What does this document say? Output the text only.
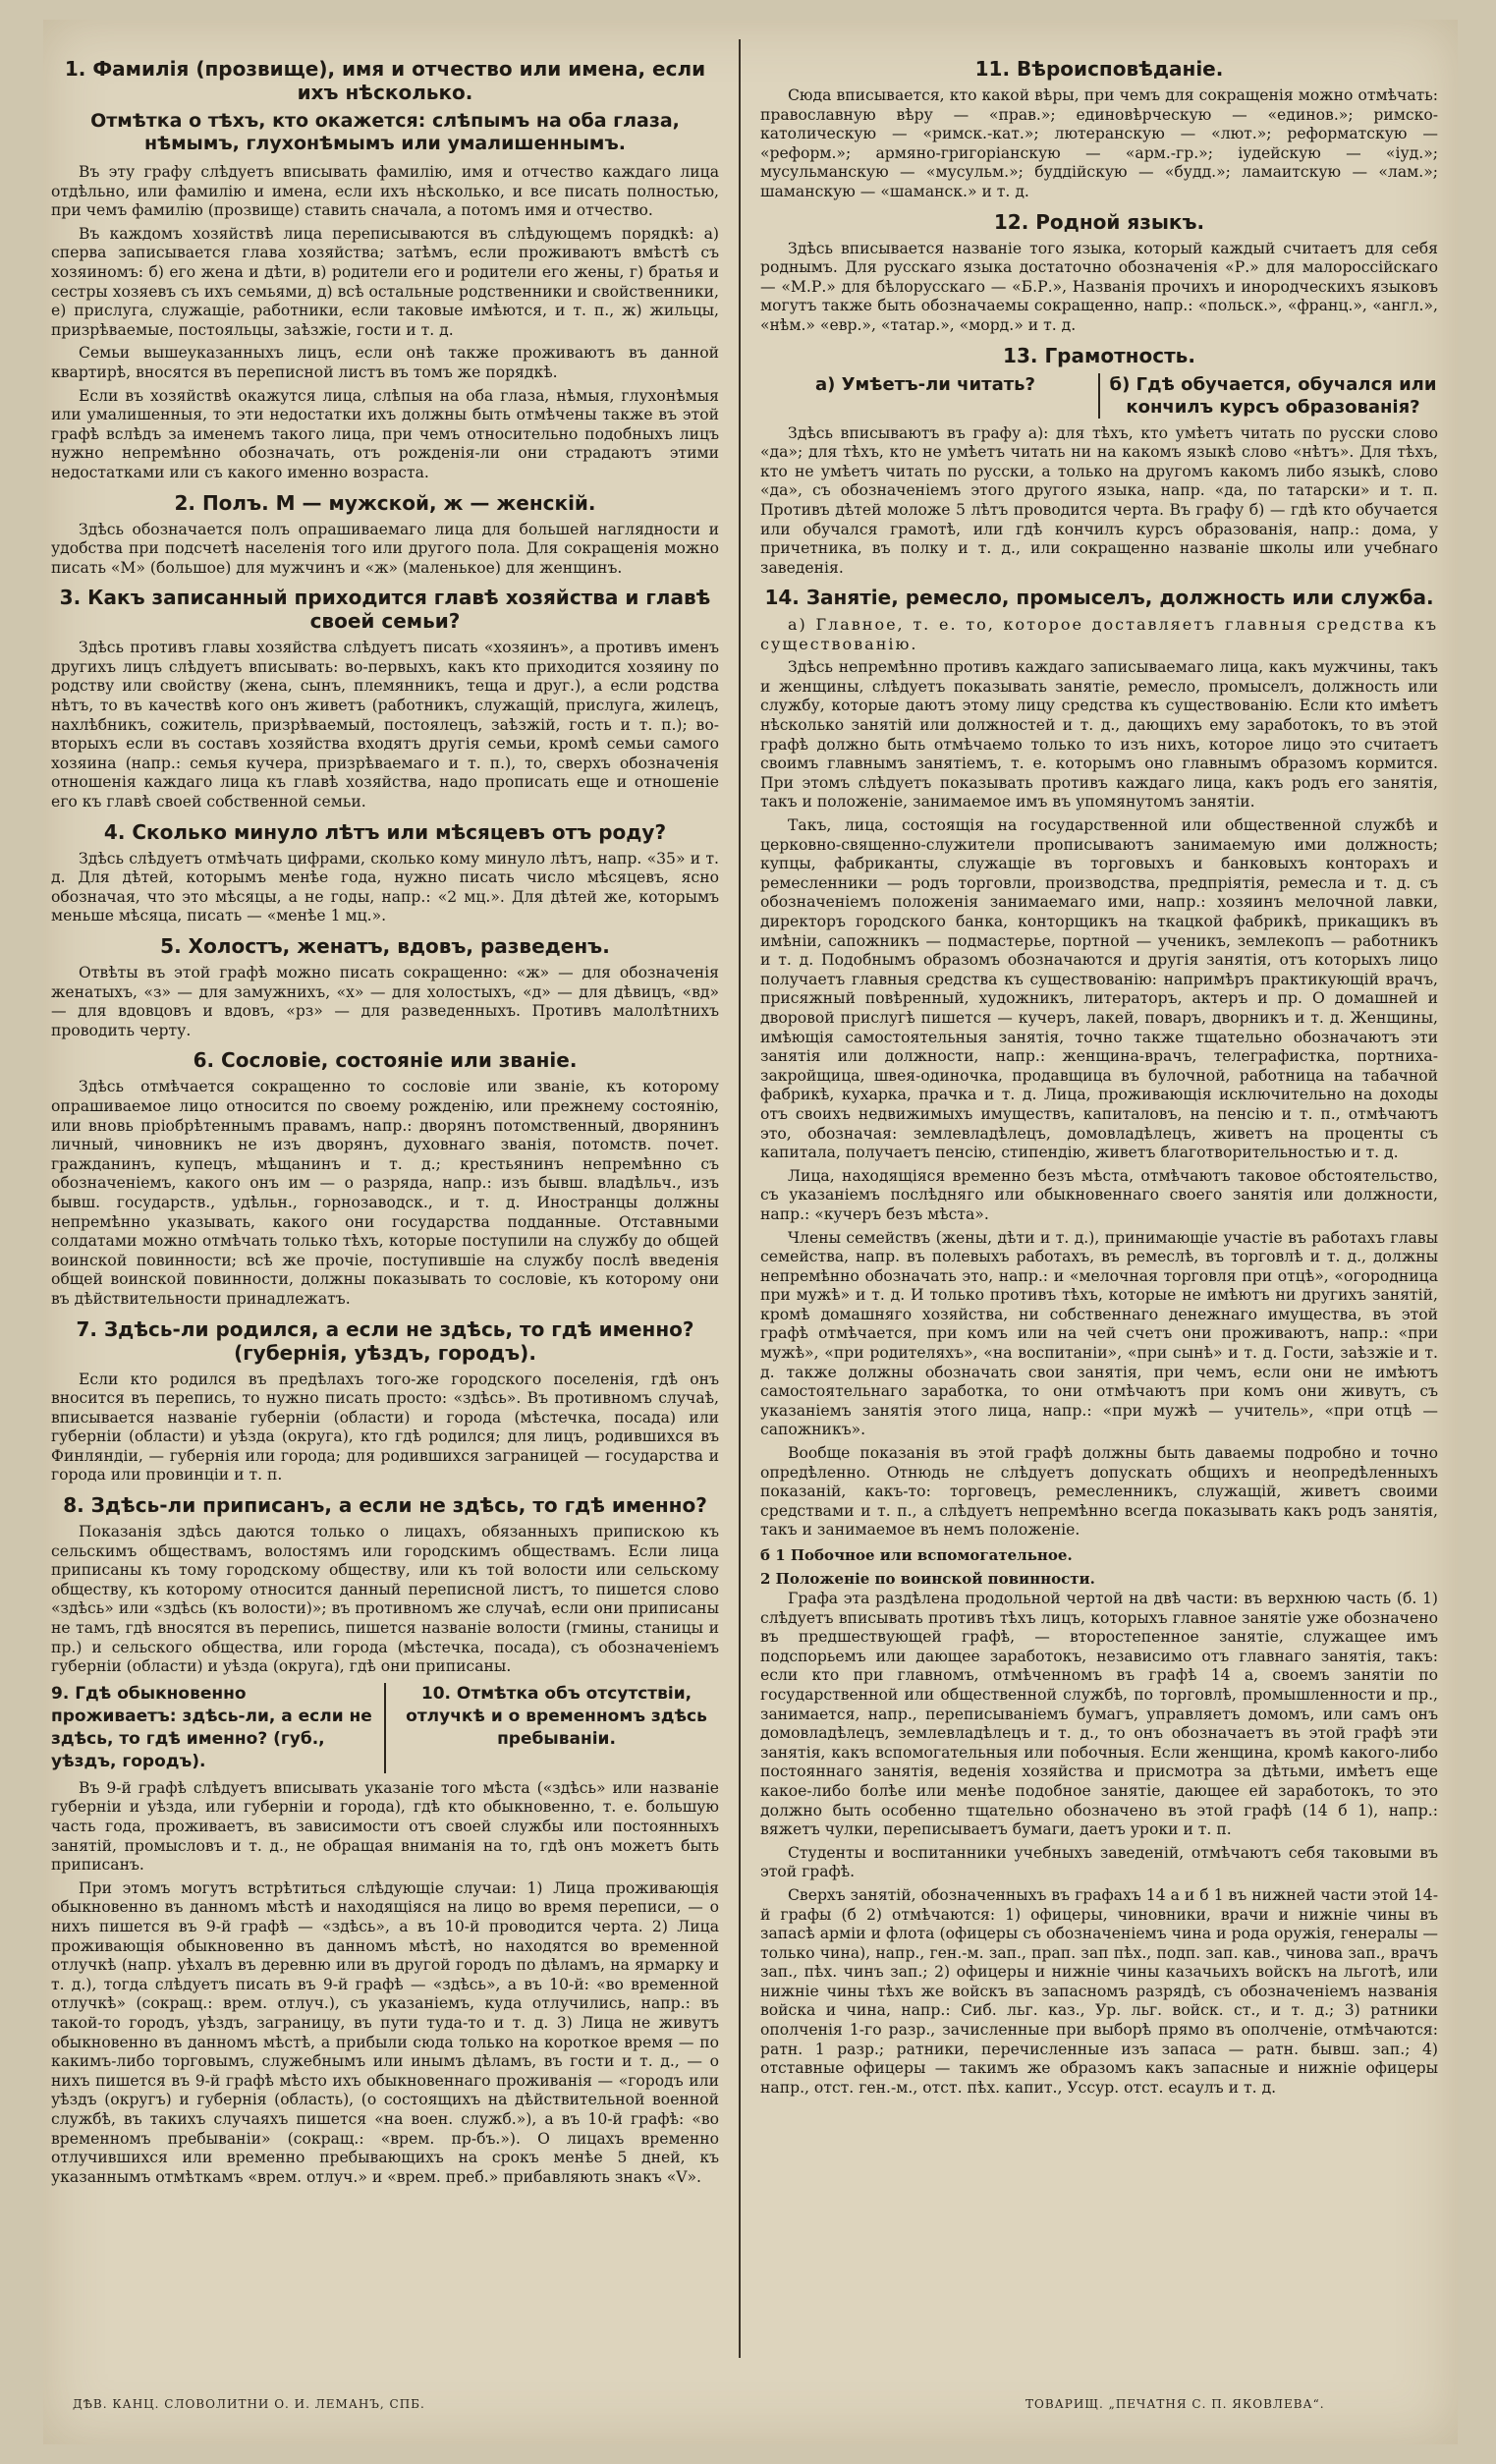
1. Фамилія (прозвище), имя и отчество или имена, если ихъ нѣсколько.
Отмѣтка о тѣхъ, кто окажется: слѣпымъ на оба глаза, нѣмымъ, глухонѣмымъ или умалишеннымъ.

Въ эту графу слѣдуетъ вписывать фамилію, имя и отчество каждаго лица отдѣльно, или фамилію и имена, если ихъ нѣсколько, и все писать полностью, при чемъ фамилію (прозвище) ставить сначала, а потомъ имя и отчество.

Въ каждомъ хозяйствѣ лица переписываются въ слѣдующемъ порядкѣ: а) сперва записывается глава хозяйства; затѣмъ, если проживаютъ вмѣстѣ съ хозяиномъ: б) его жена и дѣти, в) родители его и родители его жены, г) братья и сестры хозяевъ съ ихъ семьями, д) всѣ остальные родственники и свойственники, е) прислуга, служащіе, работники, если таковые имѣются, и т. п., ж) жильцы, призрѣваемые, постояльцы, заѣзжіе, гости и т. д.

Семьи вышеуказанныхъ лицъ, если онѣ также проживаютъ въ данной квартирѣ, вносятся въ переписной листъ въ томъ же порядкѣ.

Если въ хозяйствѣ окажутся лица, слѣпыя на оба глаза, нѣмыя, глухонѣмыя или умалишенныя, то эти недостатки ихъ должны быть отмѣчены также въ этой графѣ вслѣдъ за именемъ такого лица, при чемъ относительно подобныхъ лицъ нужно непремѣнно обозначать, отъ рожденія-ли они страдаютъ этими недостатками или съ какого именно возраста.

2. Полъ. М — мужской, ж — женскій.

Здѣсь обозначается полъ опрашиваемаго лица для большей наглядности и удобства при подсчетѣ населенія того или другого пола. Для сокращенія можно писать «М» (большое) для мужчинъ и «ж» (маленькое) для женщинъ.

3. Какъ записанный приходится главѣ хозяйства и главѣ своей семьи?

Здѣсь противъ главы хозяйства слѣдуетъ писать «хозяинъ», а противъ именъ другихъ лицъ слѣдуетъ вписывать: во-первыхъ, какъ кто приходится хозяину по родству или свойству (жена, сынъ, племянникъ, теща и друг.), а если родства нѣтъ, то въ качествѣ кого онъ живетъ (работникъ, служащій, прислуга, жилецъ, нахлѣбникъ, сожитель, призрѣваемый, постоялецъ, заѣзжій, гость и т. п.); во-вторыхъ если въ составъ хозяйства входятъ другія семьи, кромѣ семьи самого хозяина (напр.: семья кучера, призрѣваемаго и т. п.), то, сверхъ обозначенія отношенія каждаго лица къ главѣ хозяйства, надо прописать еще и отношеніе его къ главѣ своей собственной семьи.

4. Сколько минуло лѣтъ или мѣсяцевъ отъ роду?

Здѣсь слѣдуетъ отмѣчать цифрами, сколько кому минуло лѣтъ, напр. «35» и т. д. Для дѣтей, которымъ менѣе года, нужно писать число мѣсяцевъ, ясно обозначая, что это мѣсяцы, а не годы, напр.: «2 мц.». Для дѣтей же, которымъ меньше мѣсяца, писать — «менѣе 1 мц.».

5. Холостъ, женатъ, вдовъ, разведенъ.

Отвѣты въ этой графѣ можно писать сокращенно: «ж» — для обозначенія женатыхъ, «з» — для замужнихъ, «х» — для холостыхъ, «д» — для дѣвицъ, «вд» — для вдовцовъ и вдовъ, «рз» — для разведенныхъ. Противъ малолѣтнихъ проводить черту.

6. Сословіе, состояніе или званіе.

Здѣсь отмѣчается сокращенно то сословіе или званіе, къ которому опрашиваемое лицо относится по своему рожденію, или прежнему состоянію, или вновь пріобрѣтеннымъ правамъ, напр.: дворянъ потомственный, дворянинъ личный, чиновникъ не изъ дворянъ, духовнаго званія, потомств. почет. гражданинъ, купецъ, мѣщанинъ и т. д.; крестьянинъ непремѣнно съ обозначеніемъ, какого онъ им — о разряда, напр.: изъ бывш. владѣльч., изъ бывш. государств., удѣльн., горнозаводск., и т. д. Иностранцы должны непремѣнно указывать, какого они государства подданные. Отставными солдатами можно отмѣчать только тѣхъ, которые поступили на службу до общей воинской повинности; всѣ же прочіе, поступившіе на службу послѣ введенія общей воинской повинности, должны показывать то сословіе, къ которому они въ дѣйствительности принадлежатъ.

7. Здѣсь-ли родился, а если не здѣсь, то гдѣ именно? (губернія, уѣздъ, городъ).

Если кто родился въ предѣлахъ того-же городского поселенія, гдѣ онъ вносится въ перепись, то нужно писать просто: «здѣсь». Въ противномъ случаѣ, вписывается названіе губерніи (области) и города (мѣстечка, посада) или губерніи (области) и уѣзда (округа), кто гдѣ родился; для лицъ, родившихся въ Финляндіи, — губернія или города; для родившихся заграницей — государства и города или провинціи и т. п.

8. Здѣсь-ли приписанъ, а если не здѣсь, то гдѣ именно?

Показанія здѣсь даются только о лицахъ, обязанныхъ припискою къ сельскимъ обществамъ, волостямъ или городскимъ обществамъ. Если лица приписаны къ тому городскому обществу, или къ той волости или сельскому обществу, къ которому относится данный переписной листъ, то пишется слово «здѣсь» или «здѣсь (къ волости)»; въ противномъ же случаѣ, если они приписаны не тамъ, гдѣ вносятся въ перепись, пишется названіе волости (гмины, станицы и пр.) и сельского общества, или города (мѣстечка, посада), съ обозначеніемъ губерніи (области) и уѣзда (округа), гдѣ они приписаны.

9. Гдѣ обыкновенно проживаетъ: здѣсь-ли, а если не здѣсь, то гдѣ именно? (губ., уѣздъ, городъ).
10. Отмѣтка объ отсутствіи, отлучкѣ и о временномъ здѣсь пребываніи.

Въ 9-й графѣ слѣдуетъ вписывать указаніе того мѣста («здѣсь» или названіе губерніи и уѣзда, или губерніи и города), гдѣ кто обыкновенно, т. е. большую часть года, проживаетъ, въ зависимости отъ своей службы или постоянныхъ занятій, промысловъ и т. д., не обращая вниманія на то, гдѣ онъ можетъ быть приписанъ.

При этомъ могутъ встрѣтиться слѣдующіе случаи: 1) Лица проживающія обыкновенно въ данномъ мѣстѣ и находящіяся на лицо во время переписи, — о нихъ пишется въ 9-й графѣ — «здѣсь», а въ 10-й проводится черта. 2) Лица проживающія обыкновенно въ данномъ мѣстѣ, но находятся во временной отлучкѣ (напр. уѣхалъ въ деревню или въ другой городъ по дѣламъ, на ярмарку и т. д.), тогда слѣдуетъ писать въ 9-й графѣ — «здѣсь», а въ 10-й: «во временной отлучкѣ» (сокращ.: врем. отлуч.), съ указаніемъ, куда отлучились, напр.: въ такой-то городъ, уѣздъ, заграницу, въ пути туда-то и т. д. 3) Лица не живутъ обыкновенно въ данномъ мѣстѣ, а прибыли сюда только на короткое время — по какимъ-либо торговымъ, служебнымъ или инымъ дѣламъ, въ гости и т. д., — о нихъ пишется въ 9-й графѣ мѣсто ихъ обыкновеннаго проживанія — «городъ или уѣздъ (округъ) и губернія (область), (о состоящихъ на дѣйствительной военной службѣ, въ такихъ случаяхъ пишется «на воен. служб.»), а въ 10-й графѣ: «во временномъ пребываніи» (сокращ.: «врем. пр-бъ.»). О лицахъ временно отлучившихся или временно пребывающихъ на срокъ менѣе 5 дней, къ указаннымъ отмѣткамъ «врем. отлуч.» и «врем. преб.» прибавляють знакъ «V».

11. Вѣроисповѣданіе.

Сюда вписывается, кто какой вѣры, при чемъ для сокращенія можно отмѣчать: православную вѣру — «прав.»; единовѣрческую — «единов.»; римско-католическую — «римск.-кат.»; лютеранскую — «лют.»; реформатскую — «реформ.»; армяно-григоріанскую — «арм.-гр.»; іудейскую — «іуд.»; мусульманскую — «мусульм.»; буддійскую — «будд.»; ламаитскую — «лам.»; шаманскую — «шаманск.» и т. д.

12. Родной языкъ.

Здѣсь вписывается названіе того языка, который каждый считаетъ для себя роднымъ. Для русскаго языка достаточно обозначенія «Р.» для малороссійскаго — «М.Р.» для бѣлорусскаго — «Б.Р.», Названія прочихъ и инородческихъ языковъ могутъ также быть обозначаемы сокращенно, напр.: «польск.», «франц.», «англ.», «нѣм.» «евр.», «татар.», «морд.» и т. д.

13. Грамотность.
а) Умѣетъ-ли читать?	б) Гдѣ обучается, обучался или кончилъ курсъ образованія?

Здѣсь вписываютъ въ графу а): для тѣхъ, кто умѣетъ читать по русски слово «да»; для тѣхъ, кто не умѣетъ читать ни на какомъ языкѣ слово «нѣтъ». Для тѣхъ, кто не умѣетъ читать по русски, а только на другомъ какомъ либо языкѣ, слово «да», съ обозначеніемъ этого другого языка, напр. «да, по татарски» и т. п. Противъ дѣтей моложе 5 лѣтъ проводится черта. Въ графу б) — гдѣ кто обучается или обучался грамотѣ, или гдѣ кончилъ курсъ образованія, напр.: дома, у причетника, въ полку и т. д., или сокращенно названіе школы или учебнаго заведенія.

14. Занятіе, ремесло, промыселъ, должность или служба.

а) Главное, т. е. то, которое доставляетъ главныя средства къ существованію.

Здѣсь непремѣнно противъ каждаго записываемаго лица, какъ мужчины, такъ и женщины, слѣдуетъ показывать занятіе, ремесло, промыселъ, должность или службу, которые даютъ этому лицу средства къ существованію. Если кто имѣетъ нѣсколько занятій или должностей и т. д., дающихъ ему заработокъ, то въ этой графѣ должно быть отмѣчаемо только то изъ нихъ, которое лицо это считаетъ своимъ главнымъ занятіемъ, т. е. которымъ оно главнымъ образомъ кормится. При этомъ слѣдуетъ показывать противъ каждаго лица, какъ родъ его занятія, такъ и положеніе, занимаемое имъ въ упомянутомъ занятіи.

Такъ, лица, состоящія на государственной или общественной службѣ и церковно-священно-служители прописываютъ занимаемую ими должность; купцы, фабриканты, служащіе въ торговыхъ и банковыхъ конторахъ и ремесленники — родъ торговли, производства, предпріятія, ремесла и т. д. съ обозначеніемъ положенія занимаемаго ими, напр.: хозяинъ мелочной лавки, директоръ городского банка, конторщикъ на ткацкой фабрикѣ, прикащикъ въ имѣніи, сапожникъ — подмастерье, портной — ученикъ, землекопъ — работникъ и т. д. Подобнымъ образомъ обозначаются и другія занятія, отъ которыхъ лицо получаетъ главныя средства къ существованію: напримѣръ практикующій врачъ, присяжный повѣренный, художникъ, литераторъ, актеръ и пр. О домашней и дворовой прислугѣ пишется — кучеръ, лакей, поваръ, дворникъ и т. д. Женщины, имѣющія самостоятельныя занятія, точно также тщательно обозначаютъ эти занятія или должности, напр.: женщина-врачъ, телеграфистка, портниха-закройщица, швея-одиночка, продавщица въ булочной, работница на табачной фабрикѣ, кухарка, прачка и т. д. Лица, проживающія исключительно на доходы отъ своихъ недвижимыхъ имуществъ, капиталовъ, на пенсію и т. п., отмѣчаютъ это, обозначая: землевладѣлецъ, домовладѣлецъ, живетъ на проценты съ капитала, получаетъ пенсію, стипендію, живетъ благотворительностью и т. д.

Лица, находящіяся временно безъ мѣста, отмѣчаютъ таковое обстоятельство, съ указаніемъ послѣдняго или обыкновеннаго своего занятія или должности, напр.: «кучеръ безъ мѣста».

Члены семействъ (жены, дѣти и т. д.), принимающіе участіе въ работахъ главы семейства, напр. въ полевыхъ работахъ, въ ремеслѣ, въ торговлѣ и т. д., должны непремѣнно обозначать это, напр.: и «мелочная торговля при отцѣ», «огородница при мужѣ» и т. д. И только противъ тѣхъ, которые не имѣютъ ни другихъ занятій, кромѣ домашняго хозяйства, ни собственнаго денежнаго имущества, въ этой графѣ отмѣчается, при комъ или на чей счетъ они проживаютъ, напр.: «при мужѣ», «при родителяхъ», «на воспитаніи», «при сынѣ» и т. д. Гости, заѣзжіе и т. д. также должны обозначать свои занятія, при чемъ, если они не имѣютъ самостоятельнаго заработка, то они отмѣчаютъ при комъ они живутъ, съ указаніемъ занятія этого лица, напр.: «при мужѣ — учитель», «при отцѣ — сапожникъ».

Вообще показанія въ этой графѣ должны быть даваемы подробно и точно опредѣленно. Отнюдь не слѣдуетъ допускать общихъ и неопредѣленныхъ показаній, какъ-то: торговецъ, ремесленникъ, служащій, живетъ своими средствами и т. п., а слѣдуетъ непремѣнно всегда показывать какъ родъ занятія, такъ и занимаемое въ немъ положеніе.

б 1 Побочное или вспомогательное.
2 Положеніе по воинской повинности.

Графа эта раздѣлена продольной чертой на двѣ части: въ верхнюю часть (б. 1) слѣдуетъ вписывать противъ тѣхъ лицъ, которыхъ главное занятіе уже обозначено въ предшествующей графѣ, — второстепенное занятіе, служащее имъ подспорьемъ или дающее заработокъ, независимо отъ главнаго занятія, такъ: если кто при главномъ, отмѣченномъ въ графѣ 14 а, своемъ занятіи по государственной или общественной службѣ, по торговлѣ, промышленности и пр., занимается, напр., переписываніемъ бумагъ, управляетъ домомъ, или самъ онъ домовладѣлецъ, землевладѣлецъ и т. д., то онъ обозначаетъ въ этой графѣ эти занятія, какъ вспомогательныя или побочныя. Если женщина, кромѣ какого-либо постояннаго занятія, веденія хозяйства и присмотра за дѣтьми, имѣетъ еще какое-либо болѣе или менѣе подобное занятіе, дающее ей заработокъ, то это должно быть особенно тщательно обозначено въ этой графѣ (14 б 1), напр.: вяжетъ чулки, переписываетъ бумаги, даетъ уроки и т. п.

Студенты и воспитанники учебныхъ заведеній, отмѣчаютъ себя таковыми въ этой графѣ.

Сверхъ занятій, обозначенныхъ въ графахъ 14 а и б 1 въ нижней части этой 14-й графы (б 2) отмѣчаются: 1) офицеры, чиновники, врачи и нижніе чины въ запасѣ арміи и флота (офицеры съ обозначеніемъ чина и рода оружія, генералы — только чина), напр., ген.-м. зап., прап. зап пѣх., подп. зап. кав., чинова зап., врачъ зап., пѣх. чинъ зап.; 2) офицеры и нижніе чины казачьихъ войскъ на льготѣ, или нижніе чины тѣхъ же войскъ въ запасномъ разрядѣ, съ обозначеніемъ названія войска и чина, напр.: Сиб. льг. каз., Ур. льг. войск. ст., и т. д.; 3) ратники ополченія 1-го разр., зачисленные при выборѣ прямо въ ополченіе, отмѣчаются: ратн. 1 разр.; ратники, перечисленные изъ запаса — ратн. бывш. зап.; 4) отставные офицеры — такимъ же образомъ какъ запасные и нижніе офицеры напр., отст. ген.-м., отст. пѣх. капит., Уссур. отст. есаулъ и т. д.

ДѢВ. КАНЦ. СЛОВОЛИТНИ О. И. ЛЕМАНЪ, СПБ.	ТОВАРИЩ. „ПЕЧАТНЯ С. П. ЯКОВЛЕВА“.
